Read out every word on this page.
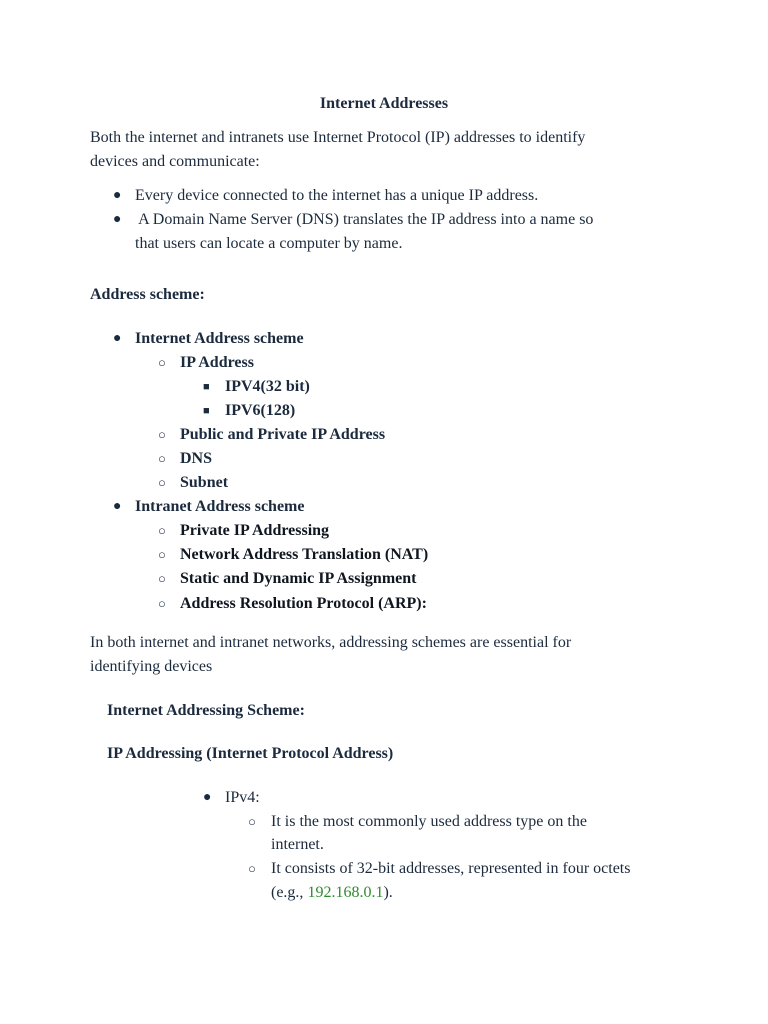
Internet Addresses
Both the internet and intranets use Internet Protocol (IP) addresses to identify
devices and communicate:
● Every device connected to the internet has a unique IP address.
● A Domain Name Server (DNS) translates the IP address into a name so
that users can locate a computer by name.
Address scheme:
● Internet Address scheme
○ IP Address
■ IPV4(32 bit)
■ IPV6(128)
○ Public and Private IP Address
○ DNS
○ Subnet
● Intranet Address scheme
○ Private IP Addressing
○ Network Address Translation (NAT)
○ Static and Dynamic IP Assignment
○ Address Resolution Protocol (ARP):
In both internet and intranet networks, addressing schemes are essential for
identifying devices
Internet Addressing Scheme:
IP Addressing (Internet Protocol Address)
● IPv4:
○ It is the most commonly used address type on the
internet.
○ It consists of 32-bit addresses, represented in four octets
(e.g., 192.168.0.1).
